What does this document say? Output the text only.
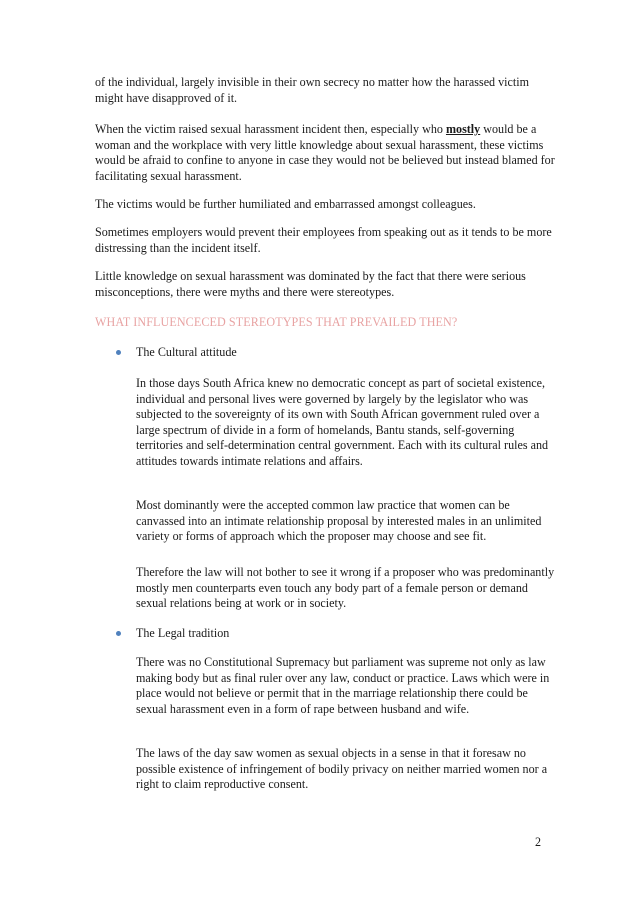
of the individual, largely invisible in their own secrecy no matter how the harassed victim might have disapproved of it.

When the victim raised sexual harassment incident then, especially who mostly would be a woman and the workplace with very little knowledge about sexual harassment, these victims would be afraid to confine to anyone in case they would not be believed but instead blamed for facilitating sexual harassment.

The victims would be further humiliated and embarrassed amongst colleagues.

Sometimes employers would prevent their employees from speaking out as it tends to be more distressing than the incident itself.

Little knowledge on sexual harassment was dominated by the fact that there were serious misconceptions, there were myths and there were stereotypes.

WHAT INFLUENCECED STEREOTYPES THAT PREVAILED THEN?

The Cultural attitude

In those days South Africa knew no democratic concept as part of societal existence, individual and personal lives were governed by largely by the legislator who was subjected to the sovereignty of its own with South African government ruled over a large spectrum of divide in a form of homelands, Bantu stands, self-governing territories and self-determination central government. Each with its cultural rules and attitudes towards intimate relations and affairs.

Most dominantly were the accepted common law practice that women can be canvassed into an intimate relationship proposal by interested males in an unlimited variety or forms of approach which the proposer may choose and see fit.

Therefore the law will not bother to see it wrong if a proposer who was predominantly mostly men counterparts even touch any body part of a female person or demand sexual relations being at work or in society.

The Legal tradition

There was no Constitutional Supremacy but parliament was supreme not only as law making body but as final ruler over any law, conduct or practice. Laws which were in place would not believe or permit that in the marriage relationship there could be sexual harassment even in a form of rape between husband and wife.

The laws of the day saw women as sexual objects in a sense in that it foresaw no possible existence of infringement of bodily privacy on neither married women nor a right to claim reproductive consent.

2
